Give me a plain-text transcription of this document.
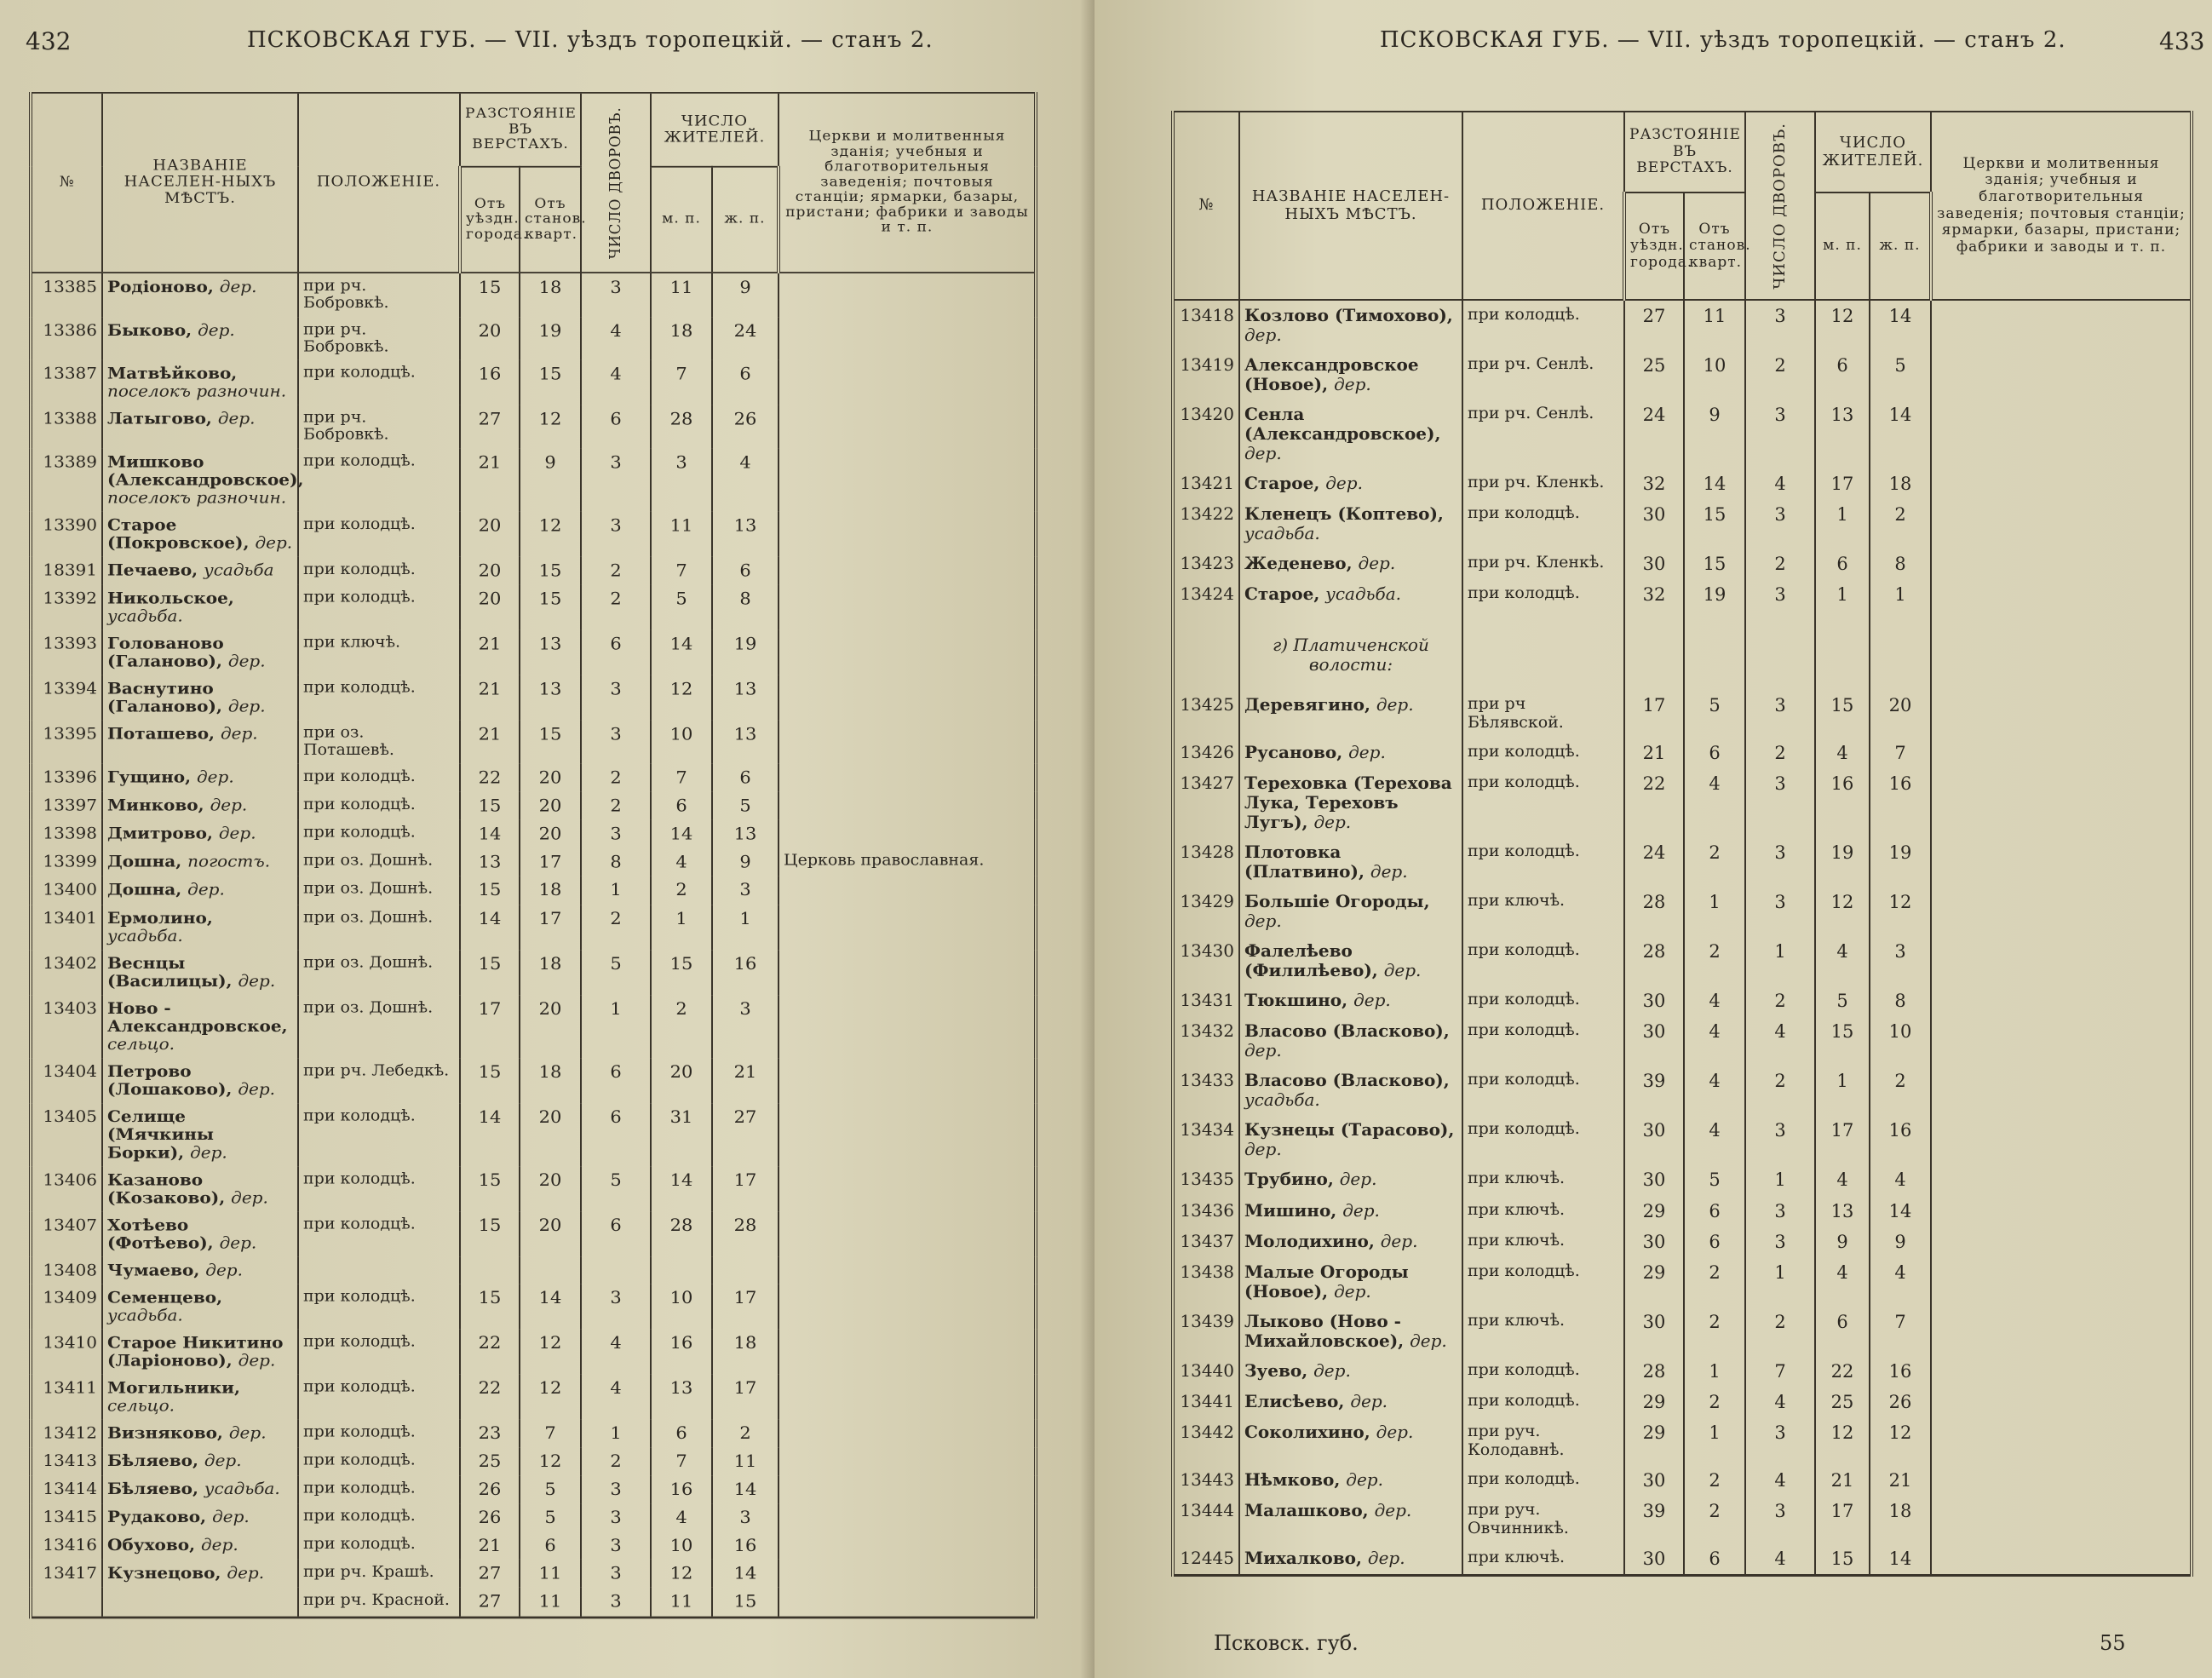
432	ПСКОВСКАЯ ГУБ. — VII. уѣздъ торопецкій. — станъ 2.
№	НАЗВАНІЕ НАСЕЛЕН-НЫХЪ МѢСТЪ.	ПОЛОЖЕНІЕ.	РАЗСТОЯНІЕ ВЪ ВЕРСТАХЪ.		ЧИСЛО ДВОРОВЪ.	ЧИСЛО ЖИТЕЛЕЙ.		Церкви и молитвенныя зданія; учебныя и благотворительныя заведенія; почтовыя станціи; ярмарки, базары, пристани; фабрики и заводы и т. п.
			Отъ уѣздн. города.	Отъ станов. кварт.		м. п.	ж. п.	
13385	Родіоново, дер.	при рч. Бобровкѣ.	15	18	3	11	9	
13386	Быково, дер.	при рч. Бобровкѣ.	20	19	4	18	24	
13387	Матвѣйково, поселокъ разночин.	при колодцѣ.	16	15	4	7	6	
13388	Латыгово, дер.	при рч. Бобровкѣ.	27	12	6	28	26	
13389	Мишково (Александровское), поселокъ разночин.	при колодцѣ.	21	9	3	3	4	
13390	Старое (Покровское), дер.	при колодцѣ.	20	12	3	11	13	
18391	Печаево, усадьба	при колодцѣ.	20	15	2	7	6	
13392	Никольское, усадьба.	при колодцѣ.	20	15	2	5	8	
13393	Голованово (Галаново), дер.	при ключѣ.	21	13	6	14	19	
13394	Васнутино (Галаново), дер.	при колодцѣ.	21	13	3	12	13	
13395	Поташево, дер.	при оз. Поташевѣ.	21	15	3	10	13	
13396	Гущино, дер.	при колодцѣ.	22	20	2	7	6	
13397	Минково, дер.	при колодцѣ.	15	20	2	6	5	
13398	Дмитрово, дер.	при колодцѣ.	14	20	3	14	13	
13399	Дошна, погостъ.	при оз. Дошнѣ.	13	17	8	4	9	Церковь православная.
13400	Дошна, дер.	при оз. Дошнѣ.	15	18	1	2	3	
13401	Ермолино, усадьба.	при оз. Дошнѣ.	14	17	2	1	1	
13402	Веснцы (Василицы), дер.	при оз. Дошнѣ.	15	18	5	15	16	
13403	Ново - Александровское, сельцо.	при оз. Дошнѣ.	17	20	1	2	3	
13404	Петрово (Лошаково), дер.	при рч. Лебедкѣ.	15	18	6	20	21	
13405	Селище (Мячкины Борки), дер.	при колодцѣ.	14	20	6	31	27	
13406	Казаново (Козаково), дер.	при колодцѣ.	15	20	5	14	17	
13407	Хотѣево (Фотѣево), дер.	при колодцѣ.	15	20	6	28	28	
13408	Чумаево, дер.							
13409	Семенцево, усадьба.	при колодцѣ.	15	14	3	10	17	
13410	Старое Никитино (Ларіоново), дер.	при колодцѣ.	22	12	4	16	18	
13411	Могильники, сельцо.	при колодцѣ.	22	12	4	13	17	
13412	Визняково, дер.	при колодцѣ.	23	7	1	6	2	
13413	Бѣляево, дер.	при колодцѣ.	25	12	2	7	11	
13414	Бѣляево, усадьба.	при колодцѣ.	26	5	3	16	14	
13415	Рудаково, дер.	при колодцѣ.	26	5	3	4	3	
13416	Обухово, дер.	при колодцѣ.	21	6	3	10	16	
13417	Кузнецово, дер.	при рч. Крашѣ.	27	11	3	12	14	
		при рч. Красной.	27	11	3	11	15	
ПСКОВСКАЯ ГУБ. — VII. уѣздъ торопецкій. — станъ 2.	433
№	НАЗВАНІЕ НАСЕЛЕН-НЫХЪ МѢСТЪ.	ПОЛОЖЕНІЕ.	РАЗСТОЯНІЕ ВЪ ВЕРСТАХЪ.		ЧИСЛО ДВОРОВЪ.	ЧИСЛО ЖИТЕЛЕЙ.		Церкви и молитвенныя зданія; учебныя и благотворительныя заведенія; почтовыя станціи; ярмарки, базары, пристани; фабрики и заводы и т. п.
			Отъ уѣздн. города.	Отъ станов. кварт.		м. п.	ж. п.	
13418	Козлово (Тимохово), дер.	при колодцѣ.	27	11	3	12	14	
13419	Александровское (Новое), дер.	при рч. Сенлѣ.	25	10	2	6	5	
13420	Сенла (Александровское), дер.	при рч. Сенлѣ.	24	9	3	13	14	
13421	Старое, дер.	при рч. Кленкѣ.	32	14	4	17	18	
13422	Кленецъ (Коптево), усадьба.	при колодцѣ.	30	15	3	1	2	
13423	Жеденево, дер.	при рч. Кленкѣ.	30	15	2	6	8	
13424	Старое, усадьба.	при колодцѣ.	32	19	3	1	1	

	г) Платиченской волости:							

13425	Деревягино, дер.	при рч Бѣлявской.	17	5	3	15	20	
13426	Русаново, дер.	при колодцѣ.	21	6	2	4	7	
13427	Тереховка (Терехова Лука, Тереховъ Лугъ), дер.	при колодцѣ.	22	4	3	16	16	
13428	Плотовка (Платвино), дер.	при колодцѣ.	24	2	3	19	19	
13429	Большіе Огороды, дер.	при ключѣ.	28	1	3	12	12	
13430	Фалелѣево (Филилѣево), дер.	при колодцѣ.	28	2	1	4	3	
13431	Тюкшино, дер.	при колодцѣ.	30	4	2	5	8	
13432	Власово (Власково), дер.	при колодцѣ.	30	4	4	15	10	
13433	Власово (Власково), усадьба.	при колодцѣ.	39	4	2	1	2	
13434	Кузнецы (Тарасово), дер.	при колодцѣ.	30	4	3	17	16	
13435	Трубино, дер.	при ключѣ.	30	5	1	4	4	
13436	Мишино, дер.	при ключѣ.	29	6	3	13	14	
13437	Молодихино, дер.	при ключѣ.	30	6	3	9	9	
13438	Малые Огороды (Новое), дер.	при колодцѣ.	29	2	1	4	4	
13439	Лыково (Ново - Михайловское), дер.	при ключѣ.	30	2	2	6	7	
13440	Зуево, дер.	при колодцѣ.	28	1	7	22	16	
13441	Елисѣево, дер.	при колодцѣ.	29	2	4	25	26	
13442	Соколихино, дер.	при руч. Колодавнѣ.	29	1	3	12	12	
13443	Нѣмково, дер.	при колодцѣ.	30	2	4	21	21	
13444	Малашково, дер.	при руч. Овчинникѣ.	39	2	3	17	18	
12445	Михалково, дер.	при ключѣ.	30	6	4	15	14	
Псковск. губ.	55
